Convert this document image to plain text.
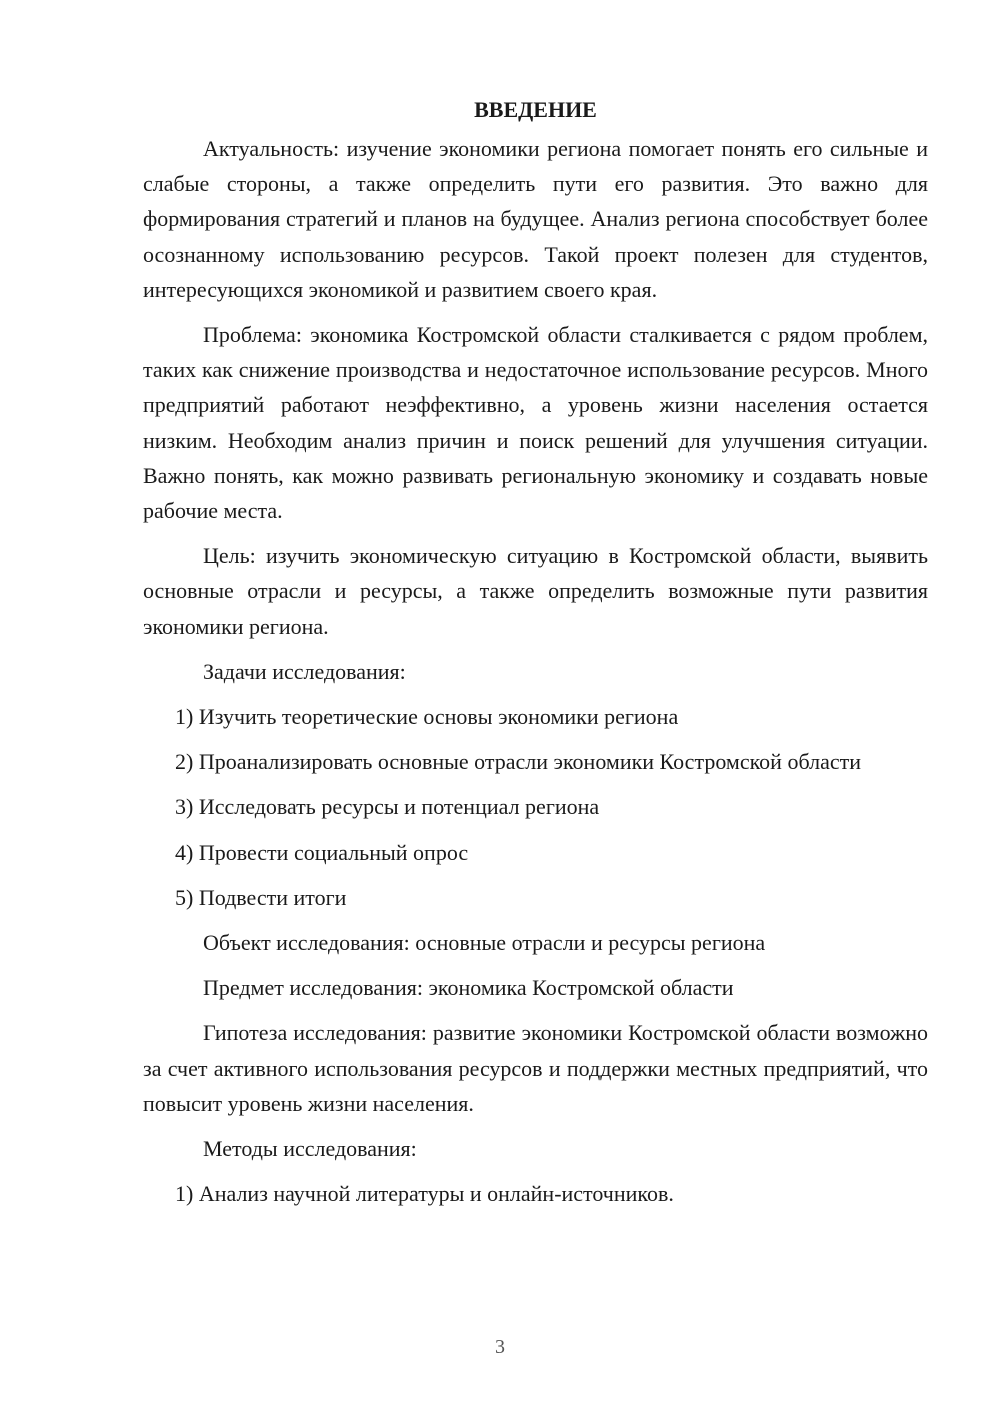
ВВЕДЕНИЕ

Актуальность: изучение экономики региона помогает понять его сильные и слабые стороны, а также определить пути его развития. Это важно для формирования стратегий и планов на будущее. Анализ региона способствует более осознанному использованию ресурсов. Такой проект полезен для студентов, интересующихся экономикой и развитием своего края.

Проблема: экономика Костромской области сталкивается с рядом проблем, таких как снижение производства и недостаточное использование ресурсов. Много предприятий работают неэффективно, а уровень жизни населения остается низким. Необходим анализ причин и поиск решений для улучшения ситуации. Важно понять, как можно развивать региональную экономику и создавать новые рабочие места.

Цель: изучить экономическую ситуацию в Костромской области, выявить основные отрасли и ресурсы, а также определить возможные пути развития экономики региона.

Задачи исследования:

1) Изучить теоретические основы экономики региона

2) Проанализировать основные отрасли экономики Костромской области

3) Исследовать ресурсы и потенциал региона

4) Провести социальный опрос

5) Подвести итоги

Объект исследования: основные отрасли и ресурсы региона

Предмет исследования: экономика Костромской области

Гипотеза исследования: развитие экономики Костромской области возможно за счет активного использования ресурсов и поддержки местных предприятий, что повысит уровень жизни населения.

Методы исследования:

1) Анализ научной литературы и онлайн-источников.

3
